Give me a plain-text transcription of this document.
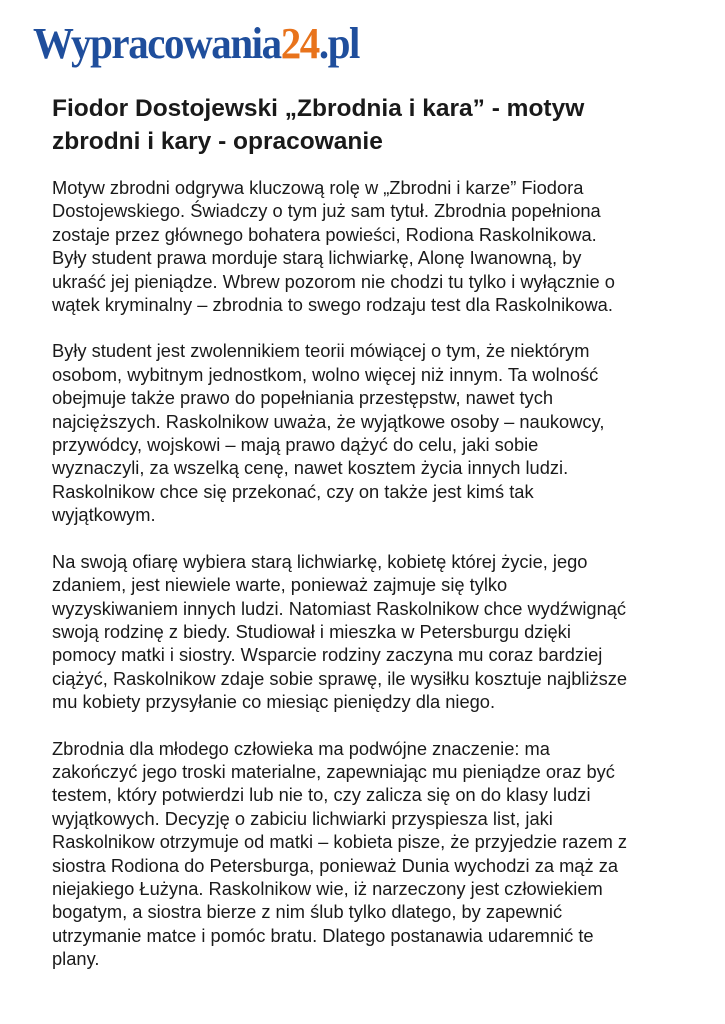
Wypracowania 24 .pl
Fiodor Dostojewski „Zbrodnia i kara” - motyw
zbrodni i kary - opracowanie

Motyw zbrodni odgrywa kluczową rolę w „Zbrodni i karze” Fiodora
Dostojewskiego. Świadczy o tym już sam tytuł. Zbrodnia popełniona
zostaje przez głównego bohatera powieści, Rodiona Raskolnikowa.
Były student prawa morduje starą lichwiarkę, Alonę Iwanowną, by
ukraść jej pieniądze. Wbrew pozorom nie chodzi tu tylko i wyłącznie o
wątek kryminalny – zbrodnia to swego rodzaju test dla Raskolnikowa.

Były student jest zwolennikiem teorii mówiącej o tym, że niektórym
osobom, wybitnym jednostkom, wolno więcej niż innym. Ta wolność
obejmuje także prawo do popełniania przestępstw, nawet tych
najcięższych. Raskolnikow uważa, że wyjątkowe osoby – naukowcy,
przywódcy, wojskowi – mają prawo dążyć do celu, jaki sobie
wyznaczyli, za wszelką cenę, nawet kosztem życia innych ludzi.
Raskolnikow chce się przekonać, czy on także jest kimś tak
wyjątkowym.

Na swoją ofiarę wybiera starą lichwiarkę, kobietę której życie, jego
zdaniem, jest niewiele warte, ponieważ zajmuje się tylko
wyzyskiwaniem innych ludzi. Natomiast Raskolnikow chce wydźwignąć
swoją rodzinę z biedy. Studiował i mieszka w Petersburgu dzięki
pomocy matki i siostry. Wsparcie rodziny zaczyna mu coraz bardziej
ciążyć, Raskolnikow zdaje sobie sprawę, ile wysiłku kosztuje najbliższe
mu kobiety przysyłanie co miesiąc pieniędzy dla niego.

Zbrodnia dla młodego człowieka ma podwójne znaczenie: ma
zakończyć jego troski materialne, zapewniając mu pieniądze oraz być
testem, który potwierdzi lub nie to, czy zalicza się on do klasy ludzi
wyjątkowych. Decyzję o zabiciu lichwiarki przyspiesza list, jaki
Raskolnikow otrzymuje od matki – kobieta pisze, że przyjedzie razem z
siostra Rodiona do Petersburga, ponieważ Dunia wychodzi za mąż za
niejakiego Łużyna. Raskolnikow wie, iż narzeczony jest człowiekiem
bogatym, a siostra bierze z nim ślub tylko dlatego, by zapewnić
utrzymanie matce i pomóc bratu. Dlatego postanawia udaremnić te
plany.
